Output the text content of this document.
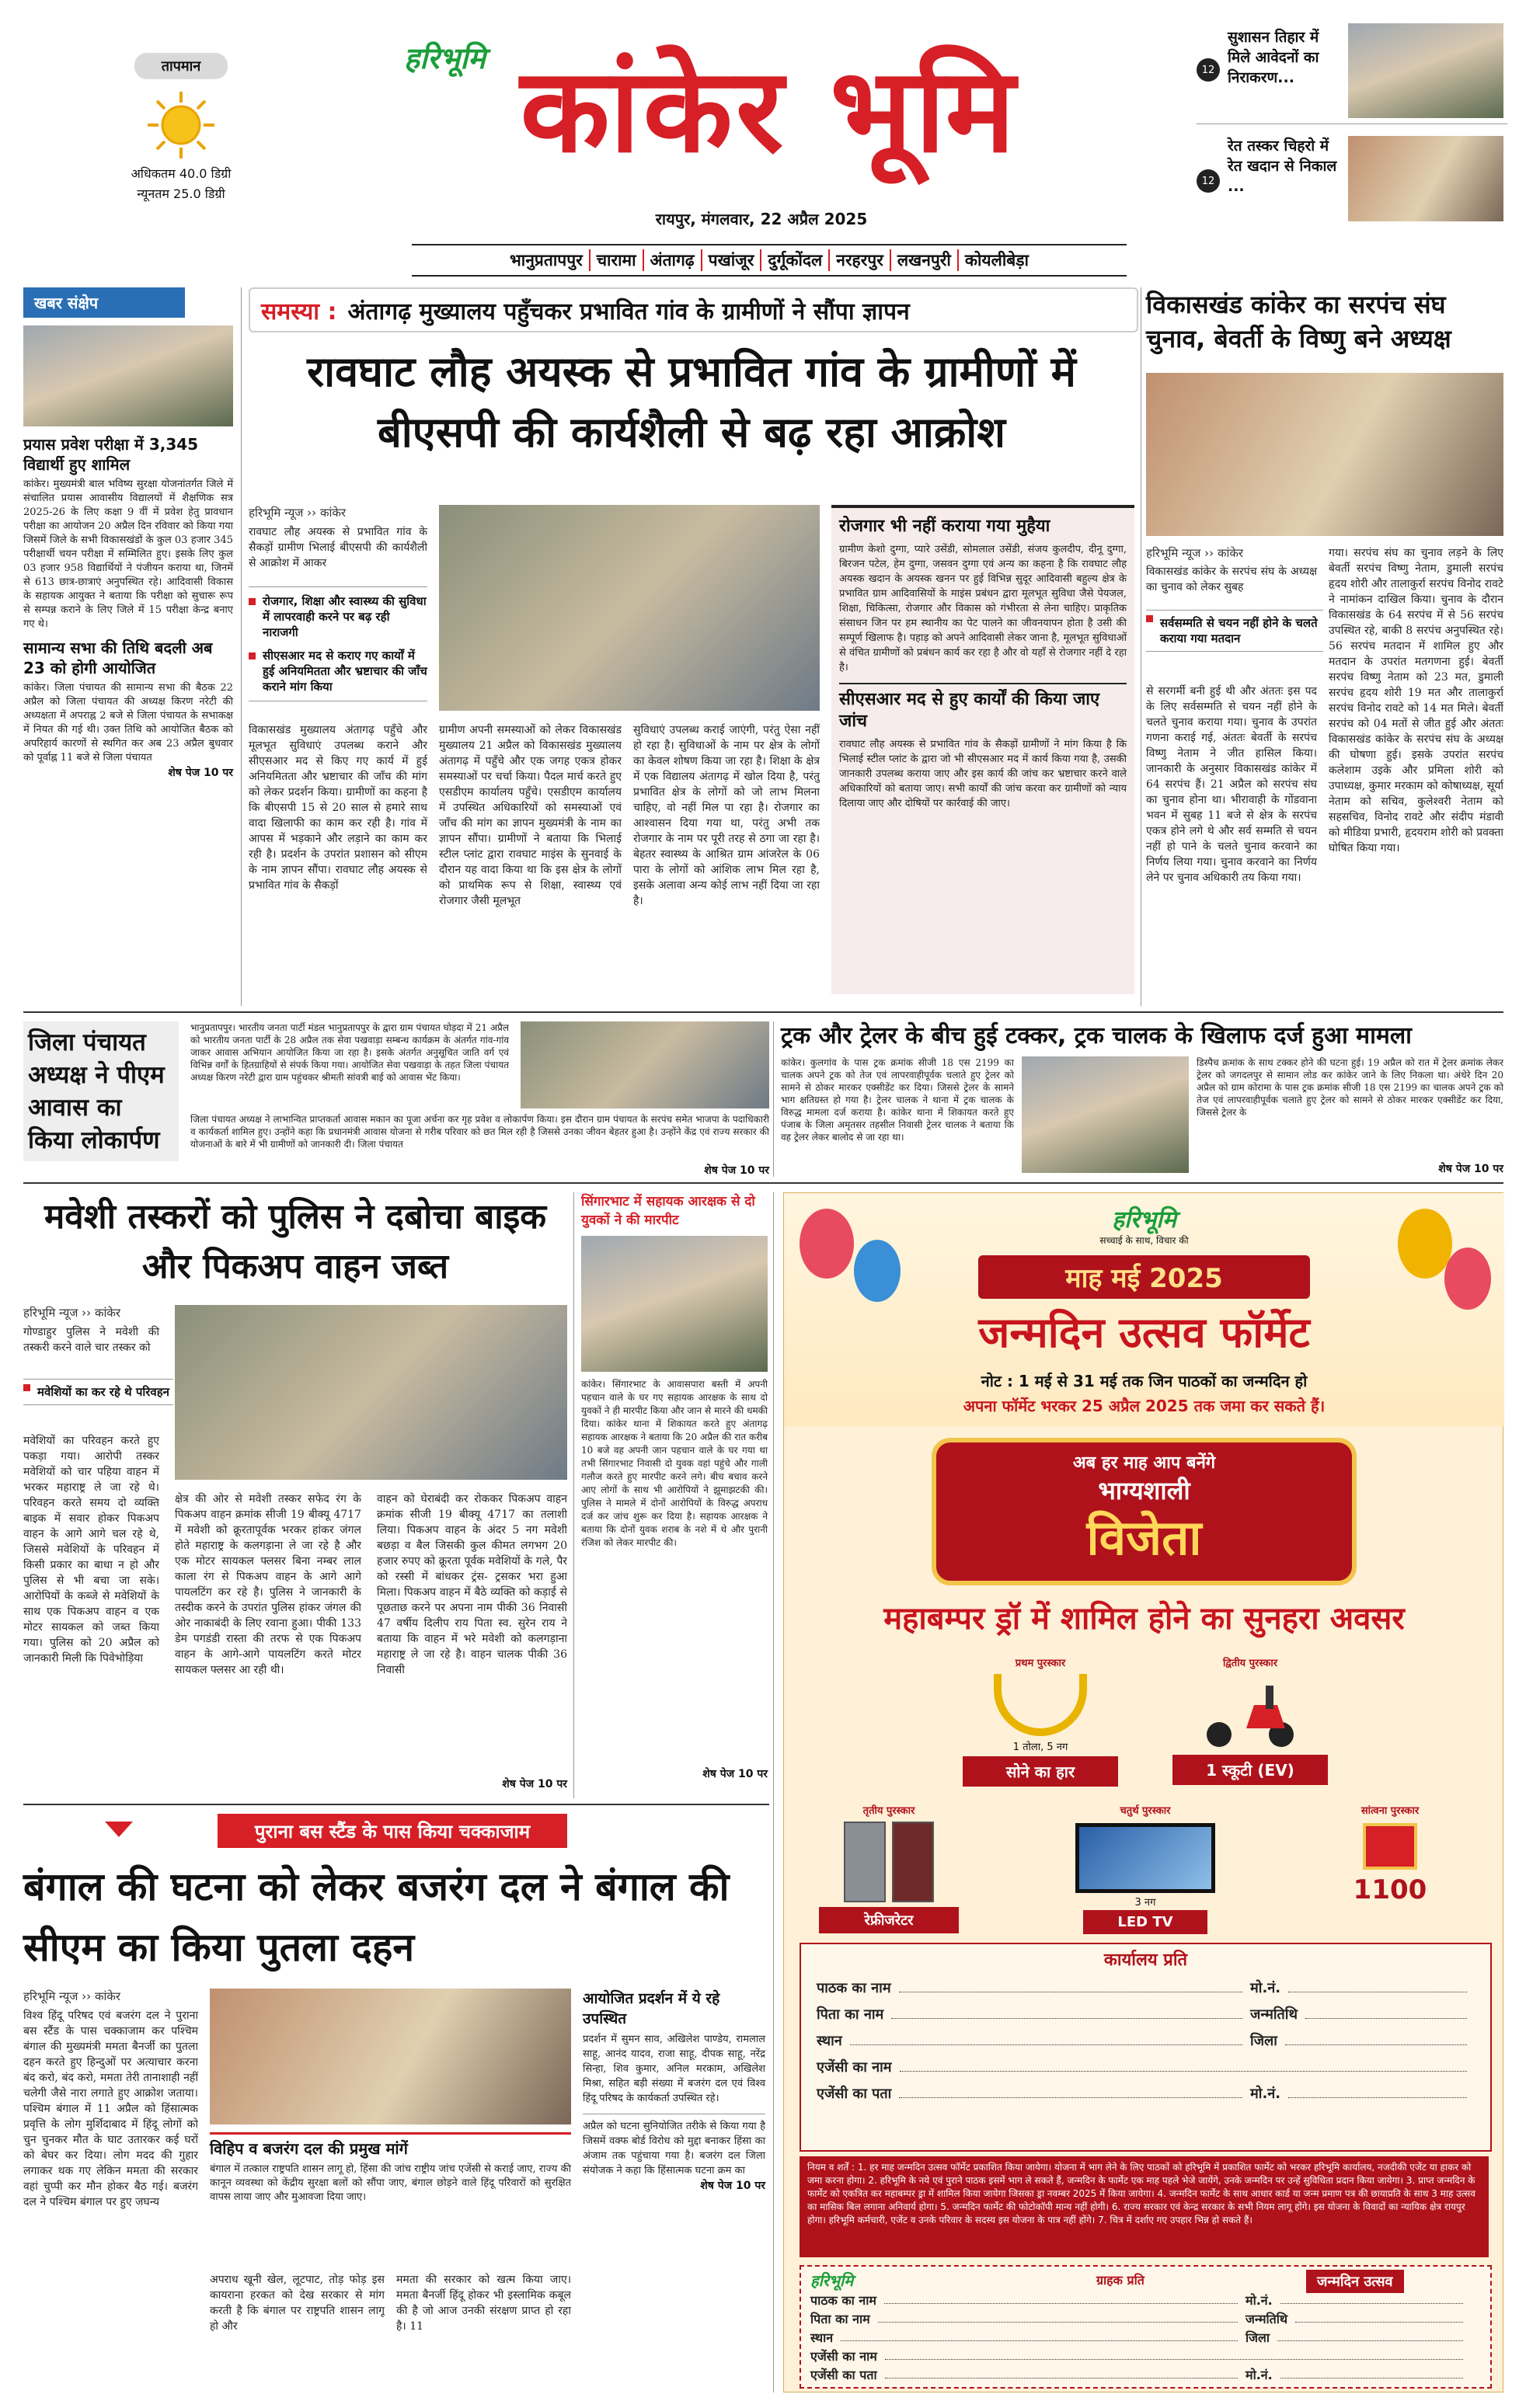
तापमान
अधिकतम 40.0 डिग्री
न्यूनतम 25.0 डिग्री
हरिभूमि कांकेर भूमि
रायपुर, मंगलवार, 22 अप्रैल 2025
12
सुशासन तिहार में मिले आवेदनों का निराकरण...
12
रेत तस्कर चिहरो में रेत खदान से निकाल ...
भानुप्रतापपुर चारामा अंतागढ़ पखांजूर दुर्गूकोंदल नरहरपुर लखनपुरी कोयलीबेड़ा
खबर संक्षेप
प्रयास प्रवेश परीक्षा में 3,345 विद्यार्थी हुए शामिल
कांकेर। मुख्यमंत्री बाल भविष्य सुरक्षा योजनांतर्गत जिले में संचालित प्रयास आवासीय विद्यालयों में शैक्षणिक सत्र 2025-26 के लिए कक्षा 9 वीं में प्रवेश हेतु प्रावधान परीक्षा का आयोजन 20 अप्रैल दिन रविवार को किया गया जिसमें जिले के सभी विकासखंडों के कुल 03 हजार 345 परीक्षार्थी चयन परीक्षा में सम्मिलित हुए। इसके लिए कुल 03 हजार 958 विद्यार्थियों ने पंजीयन कराया था, जिनमें से 613 छात्र-छात्राएं अनुपस्थित रहे। आदिवासी विकास के सहायक आयुक्त ने बताया कि परीक्षा को सुचारू रूप से सम्पन्न कराने के लिए जिले में 15 परीक्षा केन्द्र बनाए गए थे।
सामान्य सभा की तिथि बदली अब 23 को होगी आयोजित
कांकेर। जिला पंचायत की सामान्य सभा की बैठक 22 अप्रैल को जिला पंचायत की अध्यक्ष किरण नरेटी की अध्यक्षता में अपराह्न 2 बजे से जिला पंचायत के सभाकक्ष में नियत की गई थी। उक्त तिथि को आयोजित बैठक को अपरिहार्य कारणों से स्थगित कर अब 23 अप्रैल बुधवार को पूर्वाह्न 11 बजे से जिला पंचायत
शेष पेज 10 पर
समस्या : अंतागढ़ मुख्यालय पहुँचकर प्रभावित गांव के ग्रामीणों ने सौंपा ज्ञापन
रावघाट लौह अयस्क से प्रभावित गांव के ग्रामीणों में बीएसपी की कार्यशैली से बढ़ रहा आक्रोश
हरिभूमि न्यूज ›› कांकेर
रावघाट लौह अयस्क से प्रभावित गांव के सैकड़ों ग्रामीण भिलाई बीएसपी की कार्यशैली से आक्रोश में आकर
रोजगार, शिक्षा और स्वास्थ्य की सुविधा में लापरवाही करने पर बढ़ रही नाराजगी
सीएसआर मद से कराए गए कार्यों में हुई अनियमितता और भ्रष्टाचार की जाँच कराने मांग किया
विकासखंड मुख्यालय अंतागढ़ पहुँचे और मूलभूत सुविधाएं उपलब्ध कराने और सीएसआर मद से किए गए कार्य में हुई अनियमितता और भ्रष्टाचार की जाँच की मांग को लेकर प्रदर्शन किया। ग्रामीणों का कहना है कि बीएसपी 15 से 20 साल से हमारे साथ वादा खिलाफी का काम कर रही है। गांव में आपस में भड़काने और लड़ाने का काम कर रही है। प्रदर्शन के उपरांत प्रशासन को सीएम के नाम ज्ञापन सौंपा। रावघाट लौह अयस्क से प्रभावित गांव के सैकड़ों
ग्रामीण अपनी समस्याओं को लेकर विकासखंड मुख्यालय 21 अप्रैल को विकासखंड मुख्यालय अंतागढ़ में पहुँचे और एक जगह एकत्र होकर समस्याओं पर चर्चा किया। पैदल मार्च करते हुए एसडीएम कार्यालय पहुँचे। एसडीएम कार्यालय में उपस्थित अधिकारियों को समस्याओं एवं जाँच की मांग का ज्ञापन मुख्यमंत्री के नाम का ज्ञापन सौंपा। ग्रामीणों ने बताया कि भिलाई स्टील प्लांट द्वारा रावघाट माइंस के सुनवाई के दौरान यह वादा किया था कि इस क्षेत्र के लोगों को प्राथमिक रूप से शिक्षा, स्वास्थ्य एवं रोजगार जैसी मूलभूत
सुविधाएं उपलब्ध कराई जाएंगी, परंतु ऐसा नहीं हो रहा है। सुविधाओं के नाम पर क्षेत्र के लोगों का केवल शोषण किया जा रहा है। शिक्षा के क्षेत्र में एक विद्यालय अंतागढ़ में खोल दिया है, परंतु प्रभावित क्षेत्र के लोगों को जो लाभ मिलना चाहिए, वो नहीं मिल पा रहा है। रोजगार का आश्वासन दिया गया था, परंतु अभी तक रोजगार के नाम पर पूरी तरह से ठगा जा रहा है। बेहतर स्वास्थ्य के आश्रित ग्राम आंजरेल के 06 पारा के लोगों को आंशिक लाभ मिल रहा है, इसके अलावा अन्य कोई लाभ नहीं दिया जा रहा है।
रोजगार भी नहीं कराया गया मुहैया
ग्रामीण केशो दुग्गा, प्यारे उसेंडी, सोमलाल उसेंडी, संजय कुलदीप, दीनू दुग्गा, बिरजन पटेल, हेम दुग्गा, जसवन दुग्गा एवं अन्य का कहना है कि रावघाट लौह अयस्क खदान के अयस्क खनन पर हुई विभिन्न सुदूर आदिवासी बहुल्य क्षेत्र के प्रभावित ग्राम आदिवासियों के माइंस प्रबंधन द्वारा मूलभूत सुविधा जैसे पेयजल, शिक्षा, चिकित्सा, रोजगार और विकास को गंभीरता से लेना चाहिए। प्राकृतिक संसाधन जिन पर हम स्थानीय का पेट पालने का जीवनयापन होता है उसी की सम्पूर्ण खिलाफ है। पहाड़ को अपने आदिवासी लेकर जाना है, मूलभूत सुविधाओं से वंचित ग्रामीणों को प्रबंधन कार्य कर रहा है और वो यहाँ से रोजगार नहीं दे रहा है।
सीएसआर मद से हुए कार्यों की किया जाए जांच
रावघाट लौह अयस्क से प्रभावित गांव के सैकड़ों ग्रामीणों ने मांग किया है कि भिलाई स्टील प्लांट के द्वारा जो भी सीएसआर मद में कार्य किया गया है, उसकी जानकारी उपलब्ध कराया जाए और इस कार्य की जांच कर भ्रष्टाचार करने वाले अधिकारियों को बताया जाए। सभी कार्यों की जांच करवा कर ग्रामीणों को न्याय दिलाया जाए और दोषियों पर कार्रवाई की जाए।
विकासखंड कांकेर का सरपंच संघ चुनाव, बेवर्ती के विष्णु बने अध्यक्ष
हरिभूमि न्यूज ›› कांकेर
विकासखंड कांकेर के सरपंच संघ के अध्यक्ष का चुनाव को लेकर सुबह
सर्वसम्मति से चयन नहीं होने के चलते कराया गया मतदान
से सरगर्मी बनी हुई थी और अंततः इस पद के लिए सर्वसम्मति से चयन नहीं होने के चलते चुनाव कराया गया। चुनाव के उपरांत गणना कराई गई, अंततः बेवर्ती के सरपंच विष्णु नेताम ने जीत हासिल किया। जानकारी के अनुसार विकासखंड कांकेर में 64 सरपंच हैं। 21 अप्रैल को सरपंच संघ का चुनाव होना था। भीरावाही के गोंडवाना भवन में सुबह 11 बजे से क्षेत्र के सरपंच एकत्र होने लगे थे और सर्व सम्मति से चयन नहीं हो पाने के चलते चुनाव करवाने का निर्णय लिया गया। चुनाव करवाने का निर्णय लेने पर चुनाव अधिकारी तय किया गया।
गया। सरपंच संघ का चुनाव लड़ने के लिए बेवर्ती सरपंच विष्णु नेताम, डुमाली सरपंच हृदय शोरी और तालाकुर्रा सरपंच विनोद रावटे ने नामांकन दाखिल किया। चुनाव के दौरान विकासखंड के 64 सरपंच में से 56 सरपंच उपस्थित रहे, बाकी 8 सरपंच अनुपस्थित रहे। 56 सरपंच मतदान में शामिल हुए और मतदान के उपरांत मतगणना हुई। बेवर्ती सरपंच विष्णु नेताम को 23 मत, डुमाली सरपंच हृदय शोरी 19 मत और तालाकुर्रा सरपंच विनोद रावटे को 14 मत मिले। बेवर्ती सरपंच को 04 मतों से जीत हुई और अंततः विकासखंड कांकेर के सरपंच संघ के अध्यक्ष की घोषणा हुई। इसके उपरांत सरपंच कलेशाम उइके और प्रमिला शोरी को उपाध्यक्ष, कुमार मरकाम को कोषाध्यक्ष, सूर्या नेताम को सचिव, कुलेश्वरी नेताम को सहसचिव, विनोद रावटे और संदीप मंडावी को मीडिया प्रभारी, हृदयराम शोरी को प्रवक्ता घोषित किया गया।
जिला पंचायत अध्यक्ष ने पीएम आवास का किया लोकार्पण
भानुप्रतापपुर। भारतीय जनता पार्टी मंडल भानुप्रतापपुर के द्वारा ग्राम पंचायत घोड़दा में 21 अप्रैल को भारतीय जनता पार्टी के 28 अप्रैल तक सेवा पखवाड़ा सम्बन्ध कार्यक्रम के अंतर्गत गांव-गांव जाकर आवास अभियान आयोजित किया जा रहा है। इसके अंतर्गत अनुसूचित जाति वर्ग एवं विभिन्न वर्गों के हितग्राहियों से संपर्क किया गया। आयोजित सेवा पखवाड़ा के तहत जिला पंचायत अध्यक्ष किरण नरेटी द्वारा ग्राम पहुंचकर श्रीमती सांवत्री बाई को आवास भेंट किया।
जिला पंचायत अध्यक्ष ने लाभान्वित प्राप्तकर्ता आवास मकान का पूजा अर्चना कर गृह प्रवेश व लोकार्पण किया। इस दौरान ग्राम पंचायत के सरपंच समेत भाजपा के पदाधिकारी व कार्यकर्ता शामिल हुए। उन्होंने कहा कि प्रधानमंत्री आवास योजना से गरीब परिवार को छत मिल रही है जिससे उनका जीवन बेहतर हुआ है। उन्होंने केंद्र एवं राज्य सरकार की योजनाओं के बारे में भी ग्रामीणों को जानकारी दी। जिला पंचायत
शेष पेज 10 पर
ट्रक और ट्रेलर के बीच हुई टक्कर, ट्रक चालक के खिलाफ दर्ज हुआ मामला
कांकेर। कुलगांव के पास ट्रक क्रमांक सीजी 18 एस 2199 का चालक अपने ट्रक को तेज एवं लापरवाहीपूर्वक चलाते हुए ट्रेलर को सामने से ठोकर मारकर एक्सीडेंट कर दिया। जिससे ट्रेलर के सामने भाग क्षतिग्रस्त हो गया है। ट्रेलर चालक ने थाना में ट्रक चालक के विरुद्ध मामला दर्ज कराया है। कांकेर थाना में शिकायत करते हुए पंजाब के जिला अमृतसर तहसील निवासी ट्रेलर चालक ने बताया कि वह ट्रेलर लेकर बालोद से जा रहा था।
डिस्पैच क्रमांक के साथ टक्कर होने की घटना हुई। 19 अप्रैल को रात में ट्रेलर क्रमांक लेकर ट्रेलर को जगदलपुर से सामान लोड कर कांकेर जाने के लिए निकला था। अंधेरे दिन 20 अप्रैल को ग्राम कोरामा के पास ट्रक क्रमांक सीजी 18 एस 2199 का चालक अपने ट्रक को तेज एवं लापरवाहीपूर्वक चलाते हुए ट्रेलर को सामने से ठोकर मारकर एक्सीडेंट कर दिया, जिससे ट्रेलर के
शेष पेज 10 पर
मवेशी तस्करों को पुलिस ने दबोचा बाइक और पिकअप वाहन जब्त
हरिभूमि न्यूज ›› कांकेर
गोण्डाहुर पुलिस ने मवेशी की तस्करी करने वाले चार तस्कर को
मवेशियों का कर रहे थे परिवहन
मवेशियों का परिवहन करते हुए पकड़ा गया। आरोपी तस्कर मवेशियों को चार पहिया वाहन में भरकर महाराष्ट्र ले जा रहे थे। परिवहन करते समय दो व्यक्ति बाइक में सवार होकर पिकअप वाहन के आगे आगे चल रहे थे, जिससे मवेशियों के परिवहन में किसी प्रकार का बाधा न हो और पुलिस से भी बचा जा सके। आरोपियों के कब्जे से मवेशियों के साथ एक पिकअप वाहन व एक मोटर सायकल को जब्त किया गया। पुलिस को 20 अप्रैल को जानकारी मिली कि पिवेभोड़िया
क्षेत्र की ओर से मवेशी तस्कर सफेद रंग के पिकअप वाहन क्रमांक सीजी 19 बीक्यू 4717 में मवेशी को क्रूरतापूर्वक भरकर हांकर जंगल होते महाराष्ट्र के कलगड़ाना ले जा रहे है और एक मोटर सायकल फ्लसर बिना नम्बर लाल काला रंग से पिकअप वाहन के आगे आगे पायलटिंग कर रहे है। पुलिस ने जानकारी के तस्दीक करने के उपरांत पुलिस हांकर जंगल की ओर नाकाबंदी के लिए रवाना हुआ। पीकी 133 डेम पगडंडी रास्ता की तरफ से एक पिकअप वाहन के आगे-आगे पायलटिंग करते मोटर सायकल फ्लसर आ रही थी।
वाहन को घेराबंदी कर रोककर पिकअप वाहन क्रमांक सीजी 19 बीक्यू 4717 का तलाशी लिया। पिकअप वाहन के अंदर 5 नग मवेशी बछड़ा व बैल जिसकी कुल कीमत लगभग 20 हजार रुपए को क्रूरता पूर्वक मवेशियों के गले, पैर को रस्सी में बांधकर ट्रंस- ट्रसकर भरा हुआ मिला। पिकअप वाहन में बैठे व्यक्ति को कड़ाई से पूछताछ करने पर अपना नाम पीकी 36 निवासी 47 वर्षीय दिलीप राय पिता स्व. सुरेन राय ने बताया कि वाहन में भरे मवेशी को कलगड़ाना महाराष्ट्र ले जा रहे है। वाहन चालक पीकी 36 निवासी
शेष पेज 10 पर
सिंगारभाट में सहायक आरक्षक से दो युवकों ने की मारपीट
कांकेर। सिंगारभाट के आवासपारा बस्ती में अपनी पहचान वाले के घर गए सहायक आरक्षक के साथ दो युवकों ने ही मारपीट किया और जान से मारने की धमकी दिया। कांकेर थाना में शिकायत करते हुए अंतागढ़ सहायक आरक्षक ने बताया कि 20 अप्रैल की रात करीब 10 बजे वह अपनी जान पहचान वाले के घर गया था तभी सिंगारभाट निवासी दो युवक वहां पहुंचे और गाली गलौज करते हुए मारपीट करने लगे। बीच बचाव करने आए लोगों के साथ भी आरोपियों ने झूमाझटकी की। पुलिस ने मामले में दोनों आरोपियों के विरुद्ध अपराध दर्ज कर जांच शुरू कर दिया है। सहायक आरक्षक ने बताया कि दोनों युवक शराब के नशे में थे और पुरानी रंजिश को लेकर मारपीट की।
शेष पेज 10 पर
पुराना बस स्टैंड के पास किया चक्काजाम
बंगाल की घटना को लेकर बजरंग दल ने बंगाल की सीएम का किया पुतला दहन
हरिभूमि न्यूज ›› कांकेर
विश्व हिंदू परिषद एवं बजरंग दल ने पुराना बस स्टैंड के पास चक्काजाम कर पश्चिम बंगाल की मुख्यमंत्री ममता बैनर्जी का पुतला दहन करते हुए हिन्दुओं पर अत्याचार करना बंद करो, बंद करो, ममता तेरी तानाशाही नहीं चलेगी जैसे नारा लगाते हुए आक्रोश जताया। पश्चिम बंगाल में 11 अप्रैल को हिंसात्मक प्रवृत्ति के लोग मुर्शिदाबाद में हिंदू लोगों को चुन चुनकर मौत के घाट उतारकर कई घरों को बेघर कर दिया। लोग मदद की गुहार लगाकर थक गए लेकिन ममता की सरकार वहां चुप्पी कर मौन होकर बैठ गई। बजरंग दल ने पश्चिम बंगाल पर हुए जघन्य
विहिप व बजरंग दल की प्रमुख मांगें
बंगाल में तत्काल राष्ट्रपति शासन लागू हो, हिंसा की जांच राष्ट्रीय जांच एजेंसी से कराई जाए, राज्य की कानून व्यवस्था को केंद्रीय सुरक्षा बलों को सौंपा जाए, बंगाल छोड़ने वाले हिंदू परिवारों को सुरक्षित वापस लाया जाए और मुआवजा दिया जाए।
अपराध खूनी खेल, लूटपाट, तोड़ फोड़ इस कायराना हरकत को देख सरकार से मांग करती है कि बंगाल पर राष्ट्रपति शासन लागू हो और
ममता की सरकार को खत्म किया जाए। ममता बैनर्जी हिंदू होकर भी इस्लामिक कबूल की है जो आज उनकी संरक्षण प्राप्त हो रहा है। 11
आयोजित प्रदर्शन में ये रहे उपस्थित
प्रदर्शन में सुमन साव, अखिलेश पाण्डेय, रामलाल साहू, आनंद यादव, राजा साहू, दीपक साहू, नरेंद्र सिन्हा, शिव कुमार, अनिल मरकाम, अखिलेश मिश्रा, सहित बड़ी संख्या में बजरंग दल एवं विश्व हिंदू परिषद के कार्यकर्ता उपस्थित रहे।
अप्रैल को घटना सुनियोजित तरीके से किया गया है जिसमें वक्फ बोर्ड विरोध को मुद्दा बनाकर हिंसा का अंजाम तक पहुंचाया गया है। बजरंग दल जिला संयोजक ने कहा कि हिंसात्मक घटना क्रम का
शेष पेज 10 पर
हरिभूमि
सच्चाई के साथ, विचार की
माह मई 2025
जन्मदिन उत्सव फॉर्मेट
नोट : 1 मई से 31 मई तक जिन पाठकों का जन्मदिन हो
अपना फॉर्मेट भरकर 25 अप्रैल 2025 तक जमा कर सकते हैं।
अब हर माह आप बनेंगे
भाग्यशाली
विजेता
महाबम्पर ड्रॉ में शामिल होने का सुनहरा अवसर
प्रथम पुरस्कार
1 तोला, 5 नग
सोने का हार
द्वितीय पुरस्कार
1 स्कूटी (EV)
तृतीय पुरस्कार
रेफ्रीजरेटर
चतुर्थ पुरस्कार
3 नग
LED TV
सांत्वना पुरस्कार
1100
कार्यालय प्रति
पाठक का नाम	मो.नं.
पिता का नाम	जन्मतिथि
स्थान	जिला
एजेंसी का नाम
एजेंसी का पता	मो.नं.
नियम व शर्तें : 1. हर माह जन्मदिन उत्सव फॉर्मेट प्रकाशित किया जायेगा। योजना में भाग लेने के लिए पाठकों को हरिभूमि में प्रकाशित फार्मेट को भरकर हरिभूमि कार्यालय, नजदीकी एजेंट या हाकर को जमा करना होगा। 2. हरिभूमि के नये एवं पुराने पाठक इसमें भाग ले सकते हैं, जन्मदिन के फार्मेट एक माह पहले भेजे जायेंगे, उनके जन्मदिन पर उन्हें सुविधिता प्रदान किया जायेगा। 3. प्राप्त जन्मदिन के फार्मेट को एकत्रित कर महाबम्पर ड्रा में शामिल किया जायेगा जिसका ड्रा नवम्बर 2025 में किया जायेगा। 4. जन्मदिन फार्मेट के साथ आधार कार्ड या जन्म प्रमाण पत्र की छायाप्रति के साथ 3 माह उत्सव का मासिक बिल लगाना अनिवार्य होगा। 5. जन्मदिन फार्मेट की फोटोकॉपी मान्य नहीं होगी। 6. राज्य सरकार एवं केन्द्र सरकार के सभी नियम लागू होंगे। इस योजना के विवादों का न्यायिक क्षेत्र रायपुर होगा। हरिभूमि कर्मचारी, एजेंट व उनके परिवार के सदस्य इस योजना के पात्र नहीं होंगे। 7. चित्र में दर्शाए गए उपहार भिन्न हो सकते हैं।
हरिभूमि	ग्राहक प्रति	जन्मदिन उत्सव
पाठक का नाम	मो.नं.
पिता का नाम	जन्मतिथि
स्थान	जिला
एजेंसी का नाम
एजेंसी का पता	मो.नं.
